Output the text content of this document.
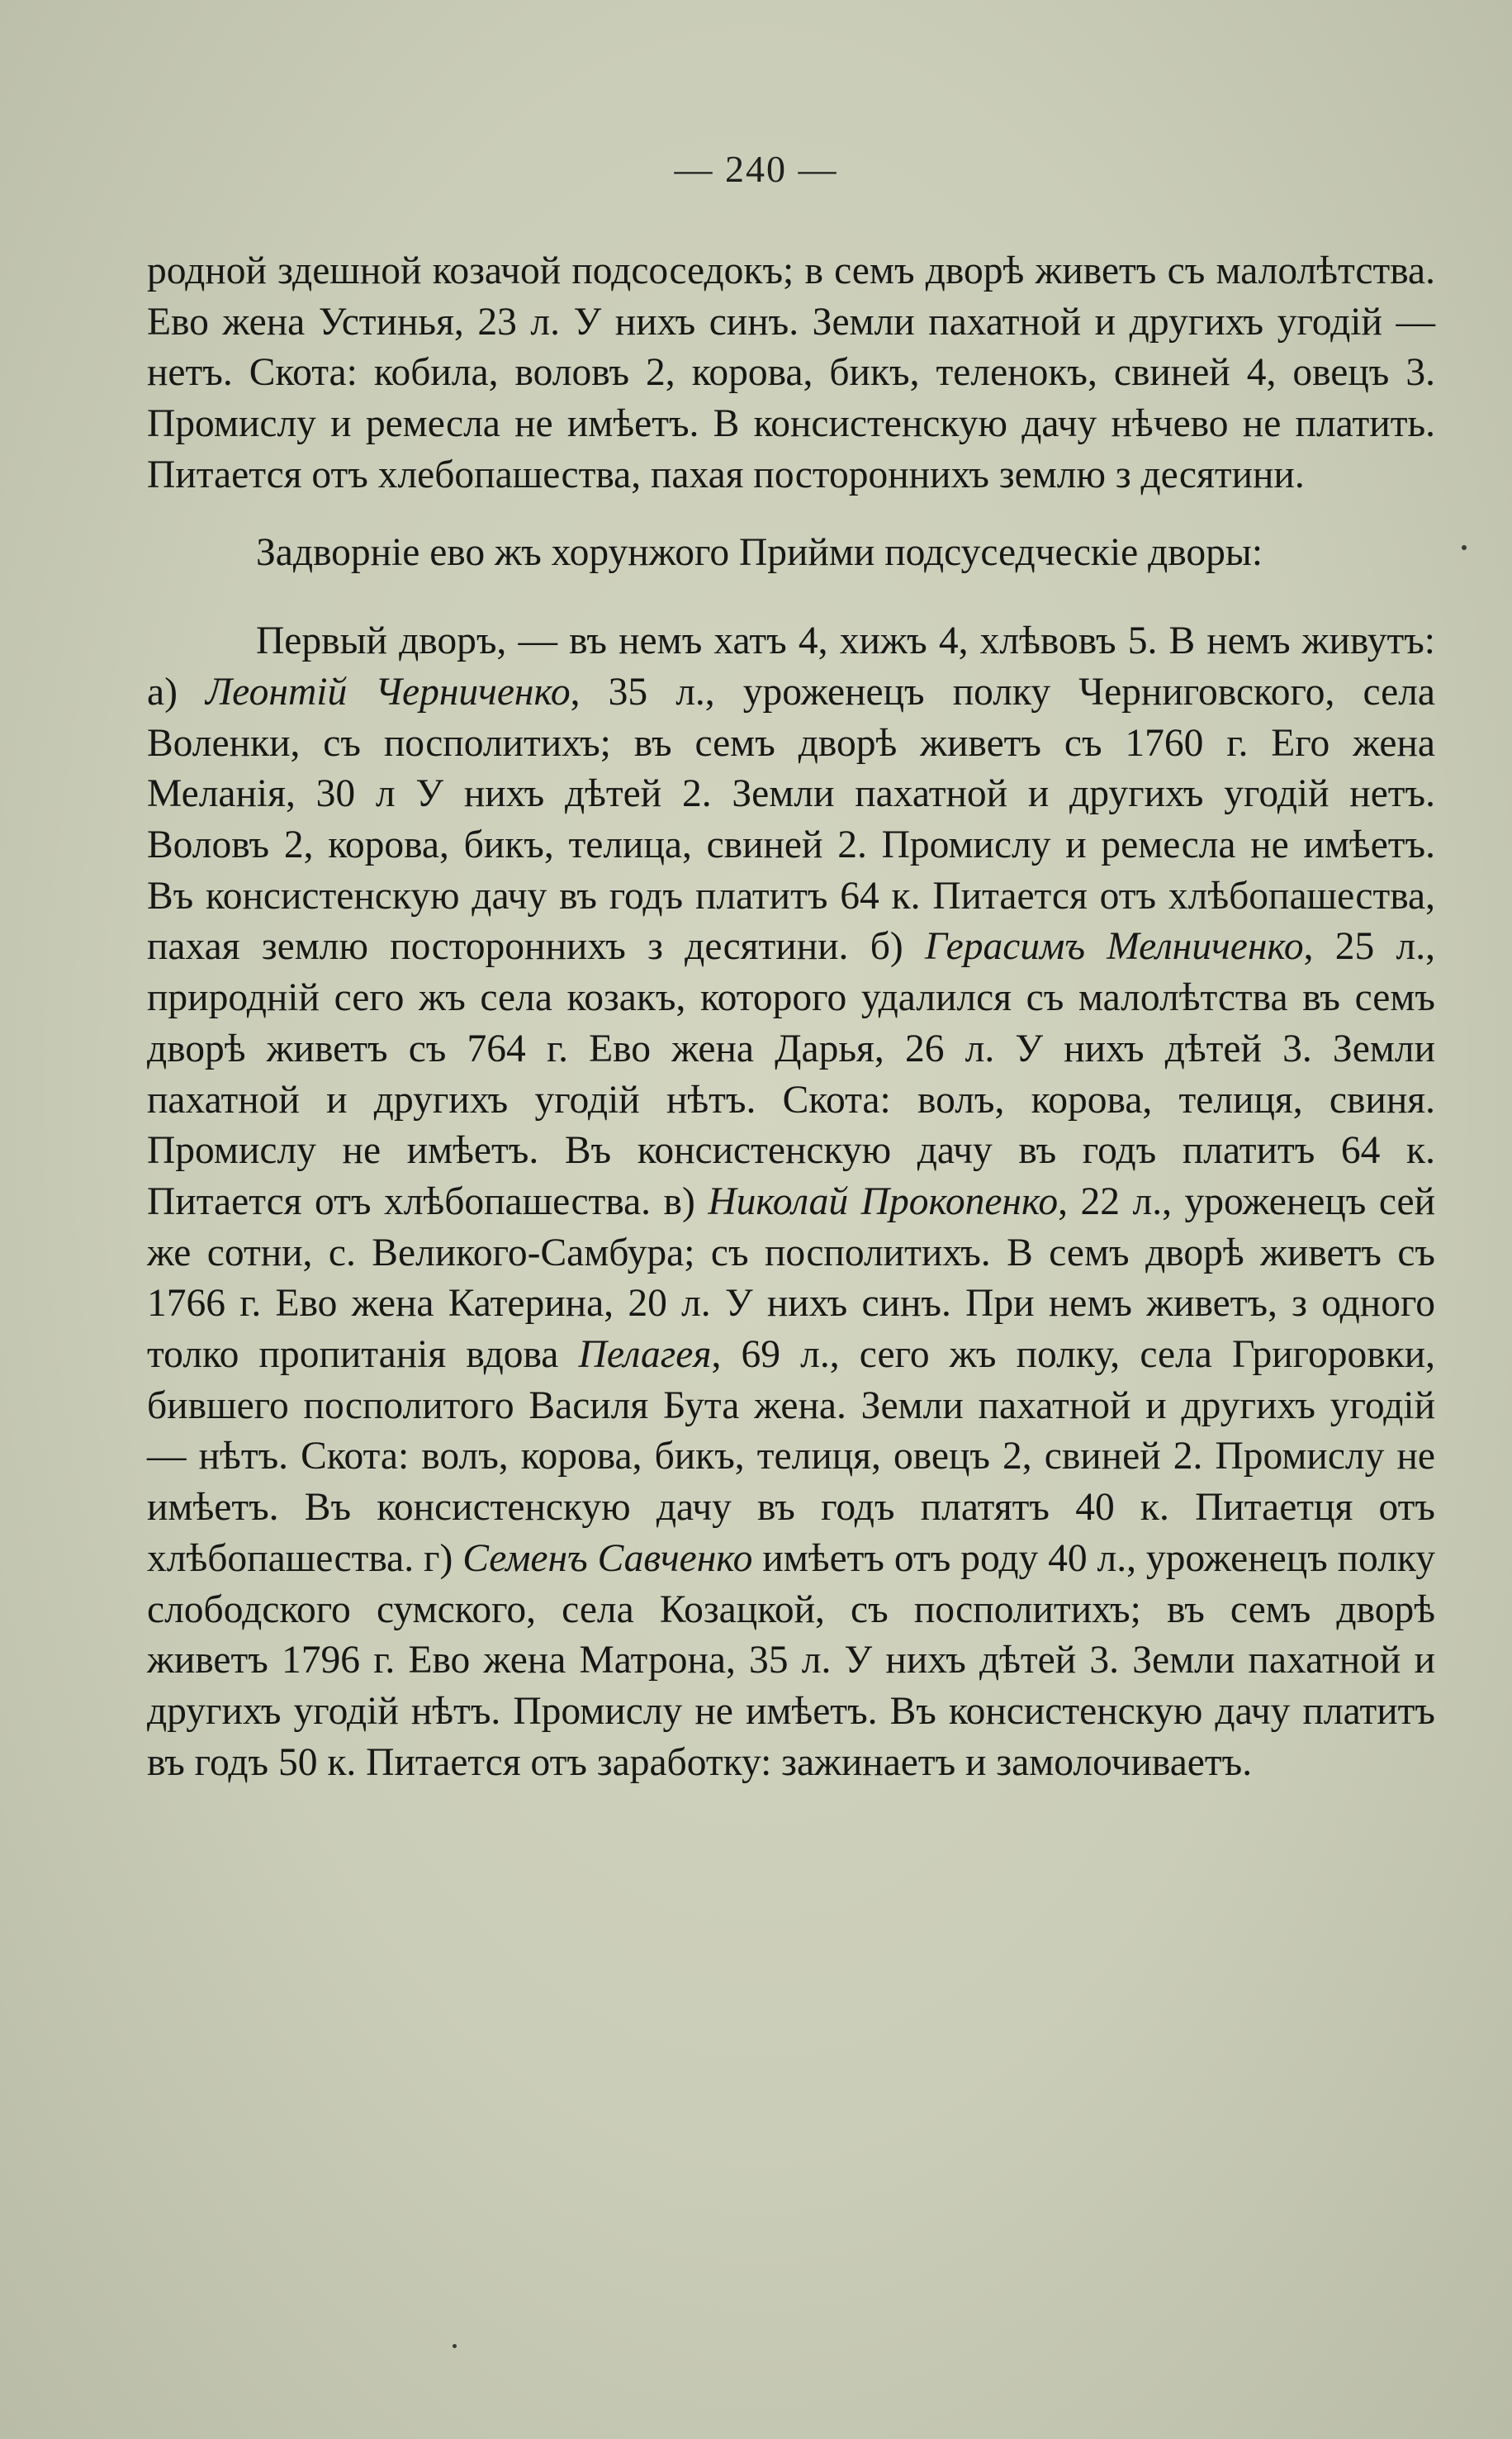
— 240 —

родной здешной козачой подсоседокъ; в семъ дворѣ живетъ съ малолѣтства. Ево жена Устинья, 23 л. У нихъ синъ. Земли пахатной и другихъ угодій — нетъ. Скота: кобила, воловъ 2, корова, бикъ, теленокъ, свиней 4, овецъ 3. Промислу и ремесла не имѣетъ. В консистенскую дачу нѣчево не платить. Питается отъ хлебопашества, пахая постороннихъ землю з десятини.

Задворніе ево жъ хорунжого Прийми подсуседческіе дворы:

Первый дворъ, — въ немъ хатъ 4, хижъ 4, хлѣвовъ 5. В немъ живутъ: а) Леонтій Черниченко, 35 л., уроженецъ полку Черниговского, села Воленки, съ посполитихъ; въ семъ дворѣ живетъ съ 1760 г. Его жена Меланія, 30 л У нихъ дѣтей 2. Земли пахатной и другихъ угодій нетъ. Воловъ 2, корова, бикъ, телица, свиней 2. Промислу и ремесла не имѣетъ. Въ консистенскую дачу въ годъ платитъ 64 к. Питается отъ хлѣбопашества, пахая землю постороннихъ з десятини. б) Герасимъ Мелниченко, 25 л., природній сего жъ села козакъ, которого удалился съ малолѣтства въ семъ дворѣ живетъ съ 764 г. Ево жена Дарья, 26 л. У нихъ дѣтей 3. Земли пахатной и другихъ угодій нѣтъ. Скота: волъ, корова, телиця, свиня. Промислу не имѣетъ. Въ консистенскую дачу въ годъ платитъ 64 к. Питается отъ хлѣбопашества. в) Николай Прокопенко, 22 л., уроженецъ сей же сотни, с. Великого-Самбура; съ посполитихъ. В семъ дворѣ живетъ съ 1766 г. Ево жена Катерина, 20 л. У нихъ синъ. При немъ живетъ, з одного толко пропитанія вдова Пелагея, 69 л., сего жъ полку, села Григоровки, бившего посполитого Василя Бута жена. Земли пахатной и другихъ угодій — нѣтъ. Скота: волъ, корова, бикъ, телиця, овецъ 2, свиней 2. Промислу не имѣетъ. Въ консистенскую дачу въ годъ платятъ 40 к. Питаетця отъ хлѣбопашества. г) Семенъ Савченко имѣетъ отъ роду 40 л., уроженецъ полку слободского сумского, села Козацкой, съ посполитихъ; въ семъ дворѣ живетъ 1796 г. Ево жена Матрона, 35 л. У нихъ дѣтей 3. Земли пахатной и другихъ угодій нѣтъ. Промислу не имѣетъ. Въ консистенскую дачу платитъ въ годъ 50 к. Питается отъ заработку: зажинаетъ и замолочиваетъ.
